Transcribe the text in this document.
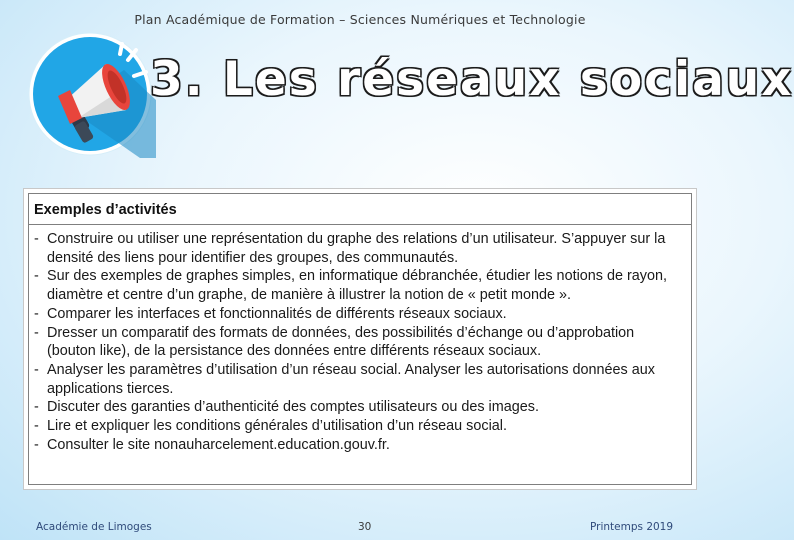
Plan Académique de Formation – Sciences Numériques et Technologie
3. Les réseaux sociaux
Exemples d’activités
- Construire ou utiliser une représentation du graphe des relations d’un utilisateur. S’appuyer sur la densité des liens pour identifier des groupes, des communautés.
- Sur des exemples de graphes simples, en informatique débranchée, étudier les notions de rayon, diamètre et centre d’un graphe, de manière à illustrer la notion de « petit monde ».
- Comparer les interfaces et fonctionnalités de différents réseaux sociaux.
- Dresser un comparatif des formats de données, des possibilités d’échange ou d’approbation (bouton like), de la persistance des données entre différents réseaux sociaux.
- Analyser les paramètres d’utilisation d’un réseau social. Analyser les autorisations données aux applications tierces.
- Discuter des garanties d’authenticité des comptes utilisateurs ou des images.
- Lire et expliquer les conditions générales d’utilisation d’un réseau social.
- Consulter le site nonauharcelement.education.gouv.fr.
Académie de Limoges	30	Printemps 2019
